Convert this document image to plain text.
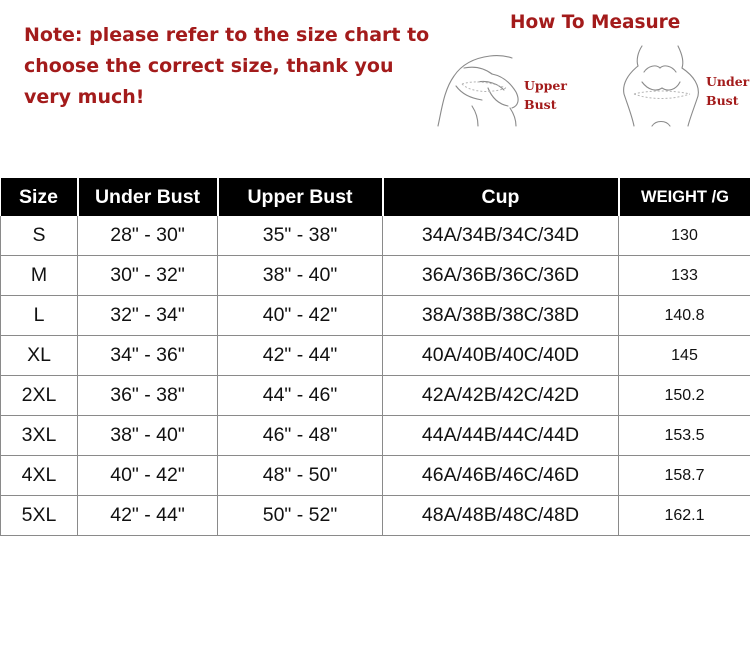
Note: please refer to the size chart to choose the correct size, thank you very much!
How To Measure
Upper
Bust
Under
Bust
Size	Under Bust	Upper Bust	Cup	WEIGHT /G
S	28" - 30"	35" - 38"	34A/34B/34C/34D	130
M	30" - 32"	38" - 40"	36A/36B/36C/36D	133
L	32" - 34"	40" - 42"	38A/38B/38C/38D	140.8
XL	34" - 36"	42" - 44"	40A/40B/40C/40D	145
2XL	36" - 38"	44" - 46"	42A/42B/42C/42D	150.2
3XL	38" - 40"	46" - 48"	44A/44B/44C/44D	153.5
4XL	40" - 42"	48" - 50"	46A/46B/46C/46D	158.7
5XL	42" - 44"	50" - 52"	48A/48B/48C/48D	162.1
